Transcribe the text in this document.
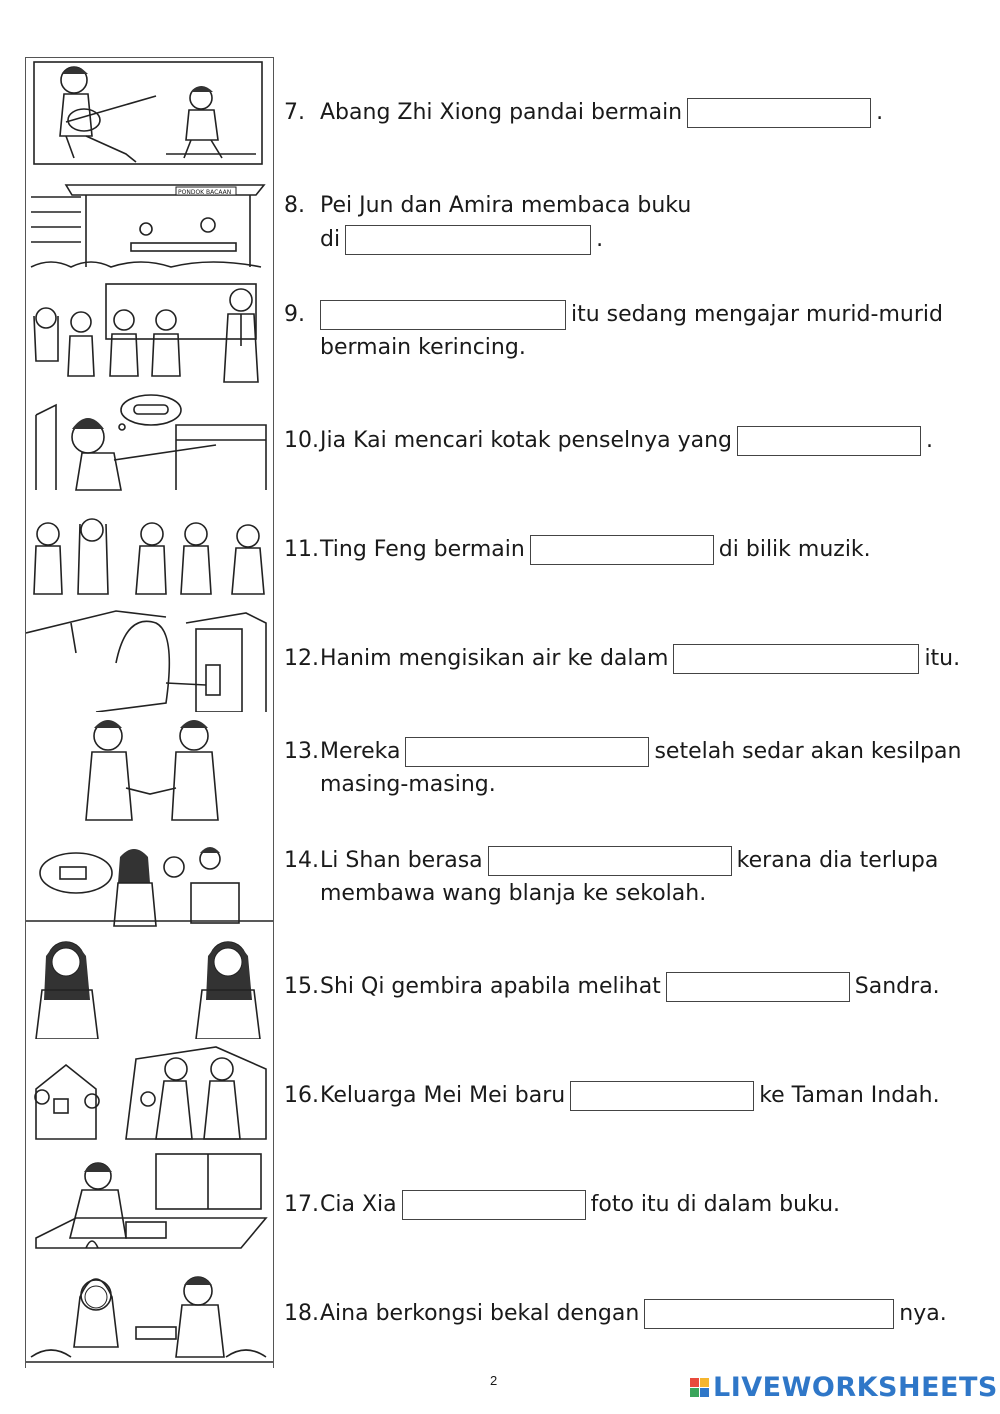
PONDOK BACAAN
7. Abang Zhi Xiong pandai bermain	.
8. Pei Jun dan Amira membaca buku
di	.
9.	itu sedang mengajar murid-murid
bermain kerincing.
10.Jia Kai mencari kotak penselnya yang	.
11.Ting Feng bermain	di bilik muzik.
12.Hanim mengisikan air ke dalam	itu.
13.Mereka	setelah sedar akan kesilpan
masing-masing.
14.Li Shan berasa	kerana dia terlupa
membawa wang blanja ke sekolah.
15.Shi Qi gembira apabila melihat	Sandra.
16.Keluarga Mei Mei baru	ke Taman Indah.
17.Cia Xia	foto itu di dalam buku.
18.Aina berkongsi bekal dengan	nya.
2	LIVEWORKSHEETS
